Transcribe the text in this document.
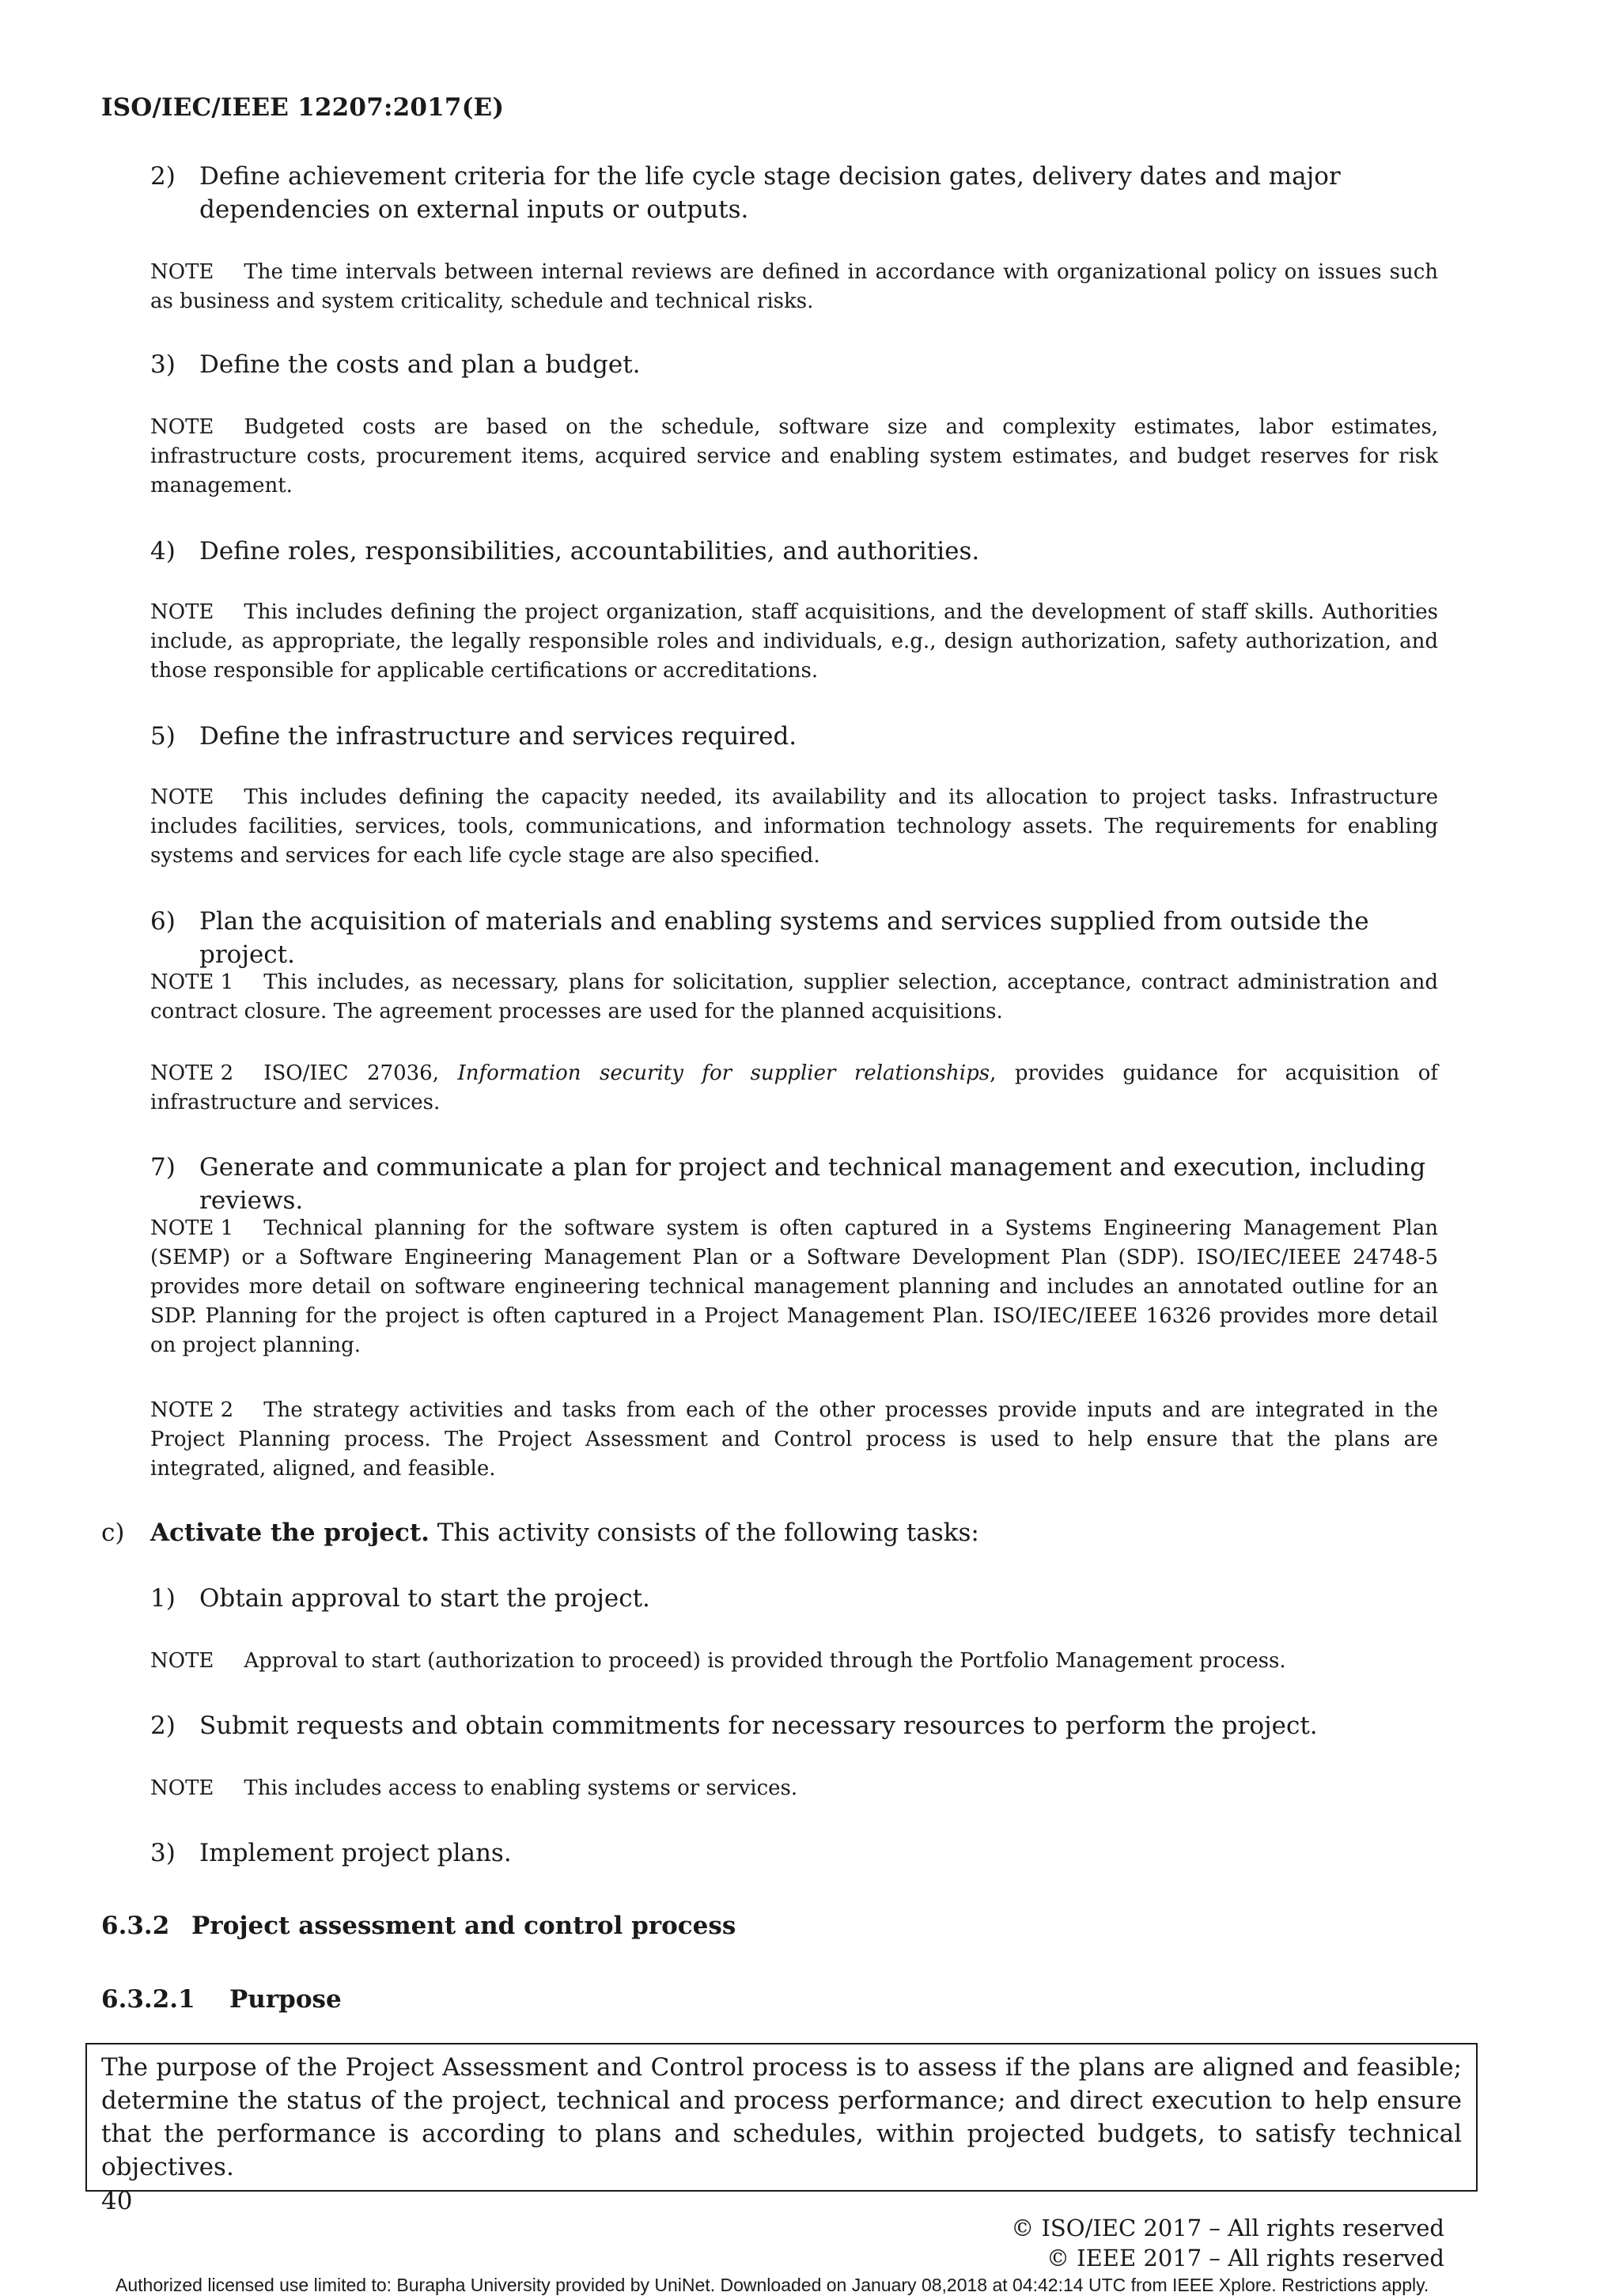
ISO/IEC/IEEE 12207:2017(E)
2) Define achievement criteria for the life cycle stage decision gates, delivery dates and major dependencies on external inputs or outputs.
NOTE The time intervals between internal reviews are defined in accordance with organizational policy on issues such as business and system criticality, schedule and technical risks.
3) Define the costs and plan a budget.
NOTE Budgeted costs are based on the schedule, software size and complexity estimates, labor estimates, infrastructure costs, procurement items, acquired service and enabling system estimates, and budget reserves for risk management.
4) Define roles, responsibilities, accountabilities, and authorities.
NOTE This includes defining the project organization, staff acquisitions, and the development of staff skills. Authorities include, as appropriate, the legally responsible roles and individuals, e.g., design authorization, safety authorization, and those responsible for applicable certifications or accreditations.
5) Define the infrastructure and services required.
NOTE This includes defining the capacity needed, its availability and its allocation to project tasks. Infrastructure includes facilities, services, tools, communications, and information technology assets. The requirements for enabling systems and services for each life cycle stage are also specified.
6) Plan the acquisition of materials and enabling systems and services supplied from outside the project.
NOTE 1 This includes, as necessary, plans for solicitation, supplier selection, acceptance, contract administration and contract closure. The agreement processes are used for the planned acquisitions.
NOTE 2 ISO/IEC 27036, Information security for supplier relationships, provides guidance for acquisition of infrastructure and services.
7) Generate and communicate a plan for project and technical management and execution, including reviews.
NOTE 1 Technical planning for the software system is often captured in a Systems Engineering Management Plan (SEMP) or a Software Engineering Management Plan or a Software Development Plan (SDP). ISO/IEC/IEEE 24748-5 provides more detail on software engineering technical management planning and includes an annotated outline for an SDP. Planning for the project is often captured in a Project Management Plan. ISO/IEC/IEEE 16326 provides more detail on project planning.
NOTE 2 The strategy activities and tasks from each of the other processes provide inputs and are integrated in the Project Planning process. The Project Assessment and Control process is used to help ensure that the plans are integrated, aligned, and feasible.
c) Activate the project. This activity consists of the following tasks:
1) Obtain approval to start the project.
NOTE Approval to start (authorization to proceed) is provided through the Portfolio Management process.
2) Submit requests and obtain commitments for necessary resources to perform the project.
NOTE This includes access to enabling systems or services.
3) Implement project plans.
6.3.2 Project assessment and control process
6.3.2.1 Purpose
The purpose of the Project Assessment and Control process is to assess if the plans are aligned and feasible; determine the status of the project, technical and process performance; and direct execution to help ensure that the performance is according to plans and schedules, within projected budgets, to satisfy technical objectives.
40
© ISO/IEC 2017 – All rights reserved
© IEEE 2017 – All rights reserved
Authorized licensed use limited to: Burapha University provided by UniNet. Downloaded on January 08,2018 at 04:42:14 UTC from IEEE Xplore. Restrictions apply.
